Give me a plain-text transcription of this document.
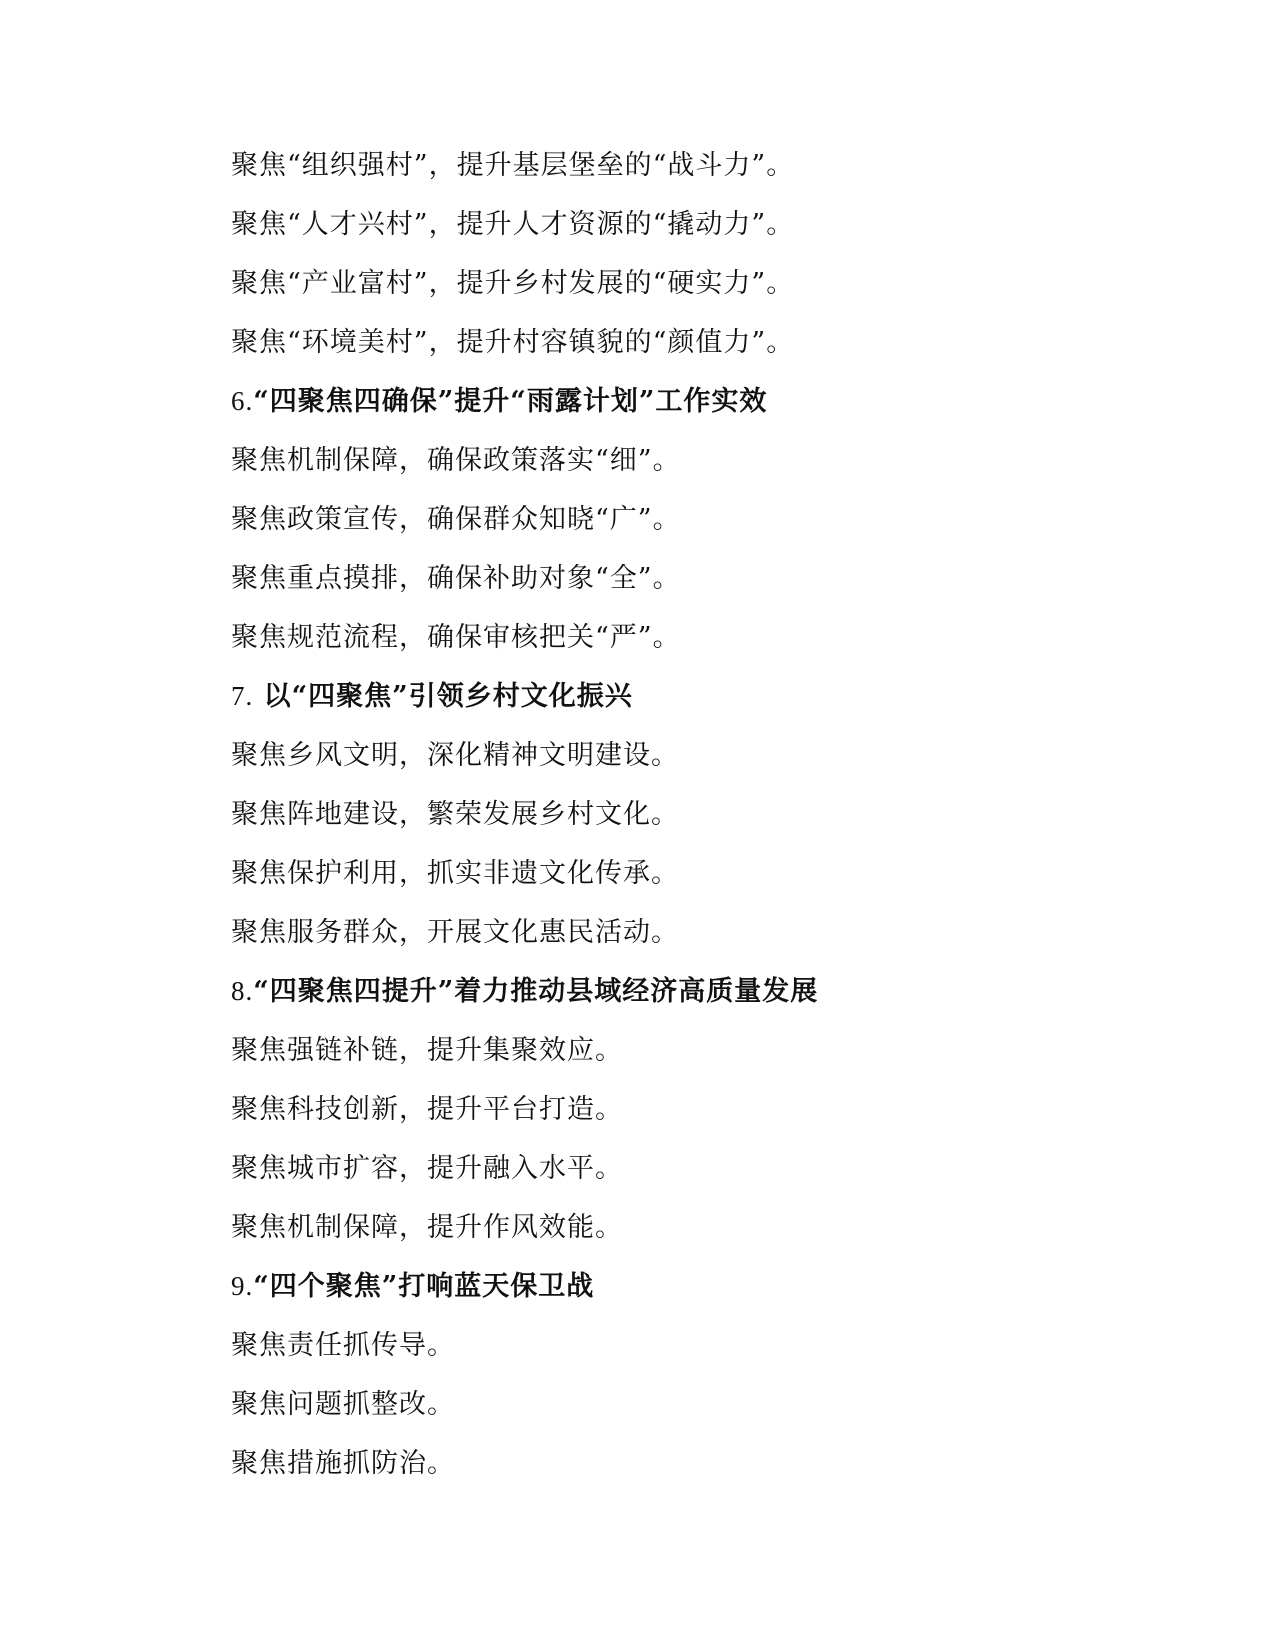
聚焦“组织强村”，提升基层堡垒的“战斗力”。
聚焦“人才兴村”，提升人才资源的“撬动力”。
聚焦“产业富村”，提升乡村发展的“硬实力”。
聚焦“环境美村”，提升村容镇貌的“颜值力”。
6.“四聚焦四确保”提升“雨露计划”工作实效
聚焦机制保障，确保政策落实“细”。
聚焦政策宣传，确保群众知晓“广”。
聚焦重点摸排，确保补助对象“全”。
聚焦规范流程，确保审核把关“严”。
7. 以“四聚焦”引领乡村文化振兴
聚焦乡风文明，深化精神文明建设。
聚焦阵地建设，繁荣发展乡村文化。
聚焦保护利用，抓实非遗文化传承。
聚焦服务群众，开展文化惠民活动。
8.“四聚焦四提升”着力推动县域经济高质量发展
聚焦强链补链，提升集聚效应。
聚焦科技创新，提升平台打造。
聚焦城市扩容，提升融入水平。
聚焦机制保障，提升作风效能。
9.“四个聚焦”打响蓝天保卫战
聚焦责任抓传导。
聚焦问题抓整改。
聚焦措施抓防治。
